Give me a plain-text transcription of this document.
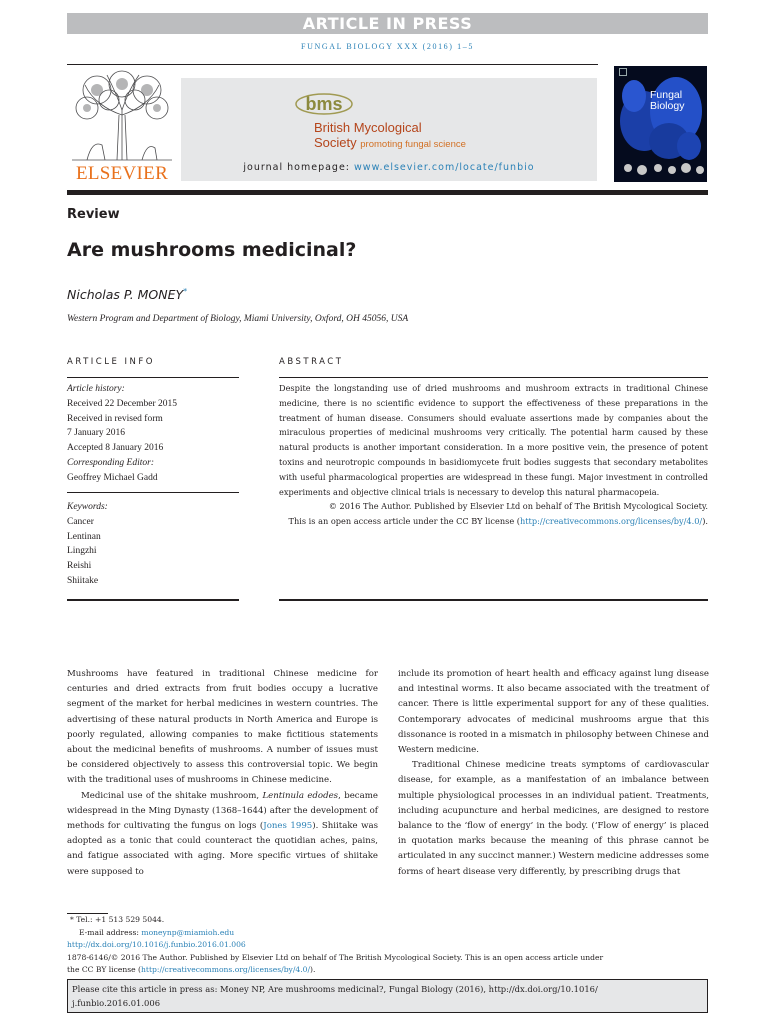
ARTICLE IN PRESS
FUNGAL BIOLOGY XXX (2016) 1–5
ELSEVIER
bms
British Mycological
Society promoting fungal science
journal homepage: www.elsevier.com/locate/funbio
Fungal
Biology
Review
Are mushrooms medicinal?
Nicholas P. MONEY*
Western Program and Department of Biology, Miami University, Oxford, OH 45056, USA
ARTICLE INFO
Article history:
Received 22 December 2015
Received in revised form
7 January 2016
Accepted 8 January 2016
Corresponding Editor:
Geoffrey Michael Gadd
Keywords:
Cancer
Lentinan
Lingzhi
Reishi
Shiitake
ABSTRACT
Despite the longstanding use of dried mushrooms and mushroom extracts in traditional Chinese medicine, there is no scientific evidence to support the effectiveness of these preparations in the treatment of human disease. Consumers should evaluate assertions made by companies about the miraculous properties of medicinal mushrooms very critically. The potential harm caused by these natural products is another important consideration. In a more positive vein, the presence of potent toxins and neurotropic compounds in basidiomycete fruit bodies suggests that secondary metabolites with useful pharmacological properties are widespread in these fungi. Major investment in controlled experiments and objective clinical trials is necessary to develop this natural pharmacopeia.
© 2016 The Author. Published by Elsevier Ltd on behalf of The British Mycological Society.
This is an open access article under the CC BY license (http://creativecommons.org/licenses/by/4.0/).
Mushrooms have featured in traditional Chinese medicine for centuries and dried extracts from fruit bodies occupy a lucrative segment of the market for herbal medicines in western countries. The advertising of these natural products in North America and Europe is poorly regulated, allowing companies to make fictitious statements about the medicinal benefits of mushrooms. A number of issues must be considered objectively to assess this controversial topic. We begin with the traditional uses of mushrooms in Chinese medicine.
Medicinal use of the shitake mushroom, Lentinula edodes, became widespread in the Ming Dynasty (1368–1644) after the development of methods for cultivating the fungus on logs (Jones 1995). Shiitake was adopted as a tonic that could counteract the quotidian aches, pains, and fatigue associated with aging. More specific virtues of shiitake were supposed to
include its promotion of heart health and efficacy against lung disease and intestinal worms. It also became associated with the treatment of cancer. There is little experimental support for any of these qualities. Contemporary advocates of medicinal mushrooms argue that this dissonance is rooted in a mismatch in philosophy between Chinese and Western medicine.
Traditional Chinese medicine treats symptoms of cardiovascular disease, for example, as a manifestation of an imbalance between multiple physiological processes in an individual patient. Treatments, including acupuncture and herbal medicines, are designed to restore balance to the ‘flow of energy’ in the body. (‘Flow of energy’ is placed in quotation marks because the meaning of this phrase cannot be articulated in any succinct manner.) Western medicine addresses some forms of heart disease very differently, by prescribing drugs that
* Tel.: +1 513 529 5044.
E-mail address: moneynp@miamioh.edu
http://dx.doi.org/10.1016/j.funbio.2016.01.006
1878-6146/© 2016 The Author. Published by Elsevier Ltd on behalf of The British Mycological Society. This is an open access article under
the CC BY license (http://creativecommons.org/licenses/by/4.0/).
Please cite this article in press as: Money NP, Are mushrooms medicinal?, Fungal Biology (2016), http://dx.doi.org/10.1016/
j.funbio.2016.01.006
